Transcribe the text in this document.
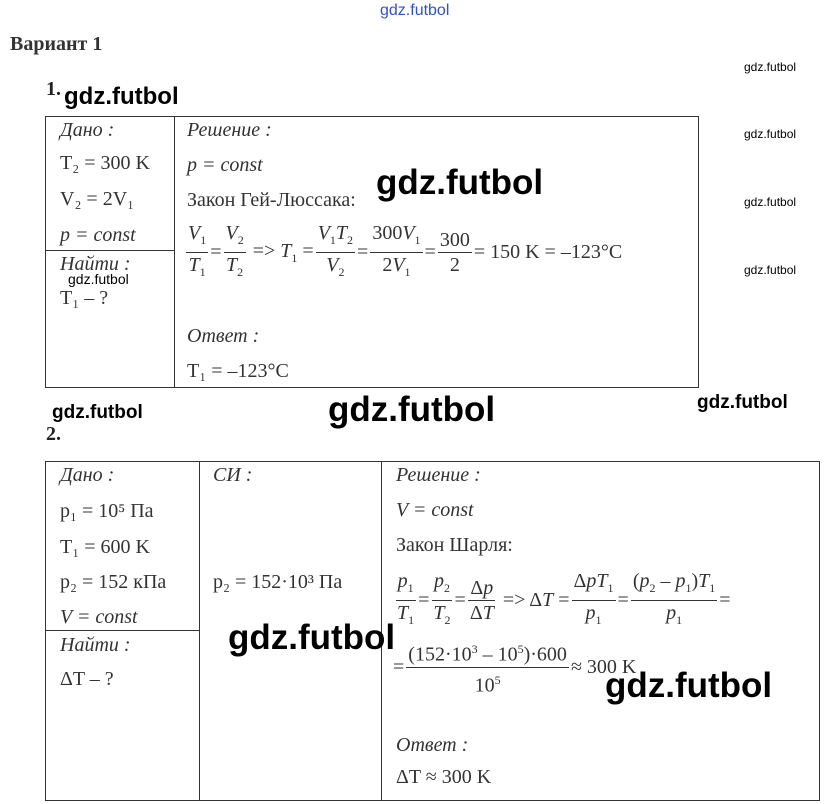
gdz.futbol
gdz.futbol
gdz.futbol
gdz.futbol
gdz.futbol
Вариант 1
1. gdz.futbol
Дано :
T₂ = 300 K
V₂ = 2V₁
p = const
Найти :
gdz.futbol
T₁ – ?
Решение :
p = const
Закон Гей-Люссака: gdz.futbol
$\frac{V_1}{T_1} = \frac{V_2}{T_2} => T_1 = \frac{V_1T_2}{V_2} = \frac{300V_1}{2V_1} = \frac{300}{2} = 150$ K = –123°C
Ответ :
T₁ = –123°C
gdz.futbol	gdz.futbol	gdz.futbol
2.
Дано :
p₁ = 10⁵ Па
T₁ = 600 K
p₂ = 152 кПа
V = const
Найти :
ΔT – ?
СИ :
p₂ = 152·10³ Па
gdz.futbol
Решение :
V = const
Закон Шарля:
$\frac{p_1}{T_1} = \frac{p_2}{T_2} = \frac{\Delta p}{\Delta T} => \Delta T = \frac{\Delta pT_1}{p_1} = \frac{(p_2 - p_1)T_1}{p_1}$ =
= $\frac{(152\cdot 10^3 - 10^5)\cdot 600}{10^5} \approx 300$ K
gdz.futbol
Ответ :
ΔT ≈ 300 K
